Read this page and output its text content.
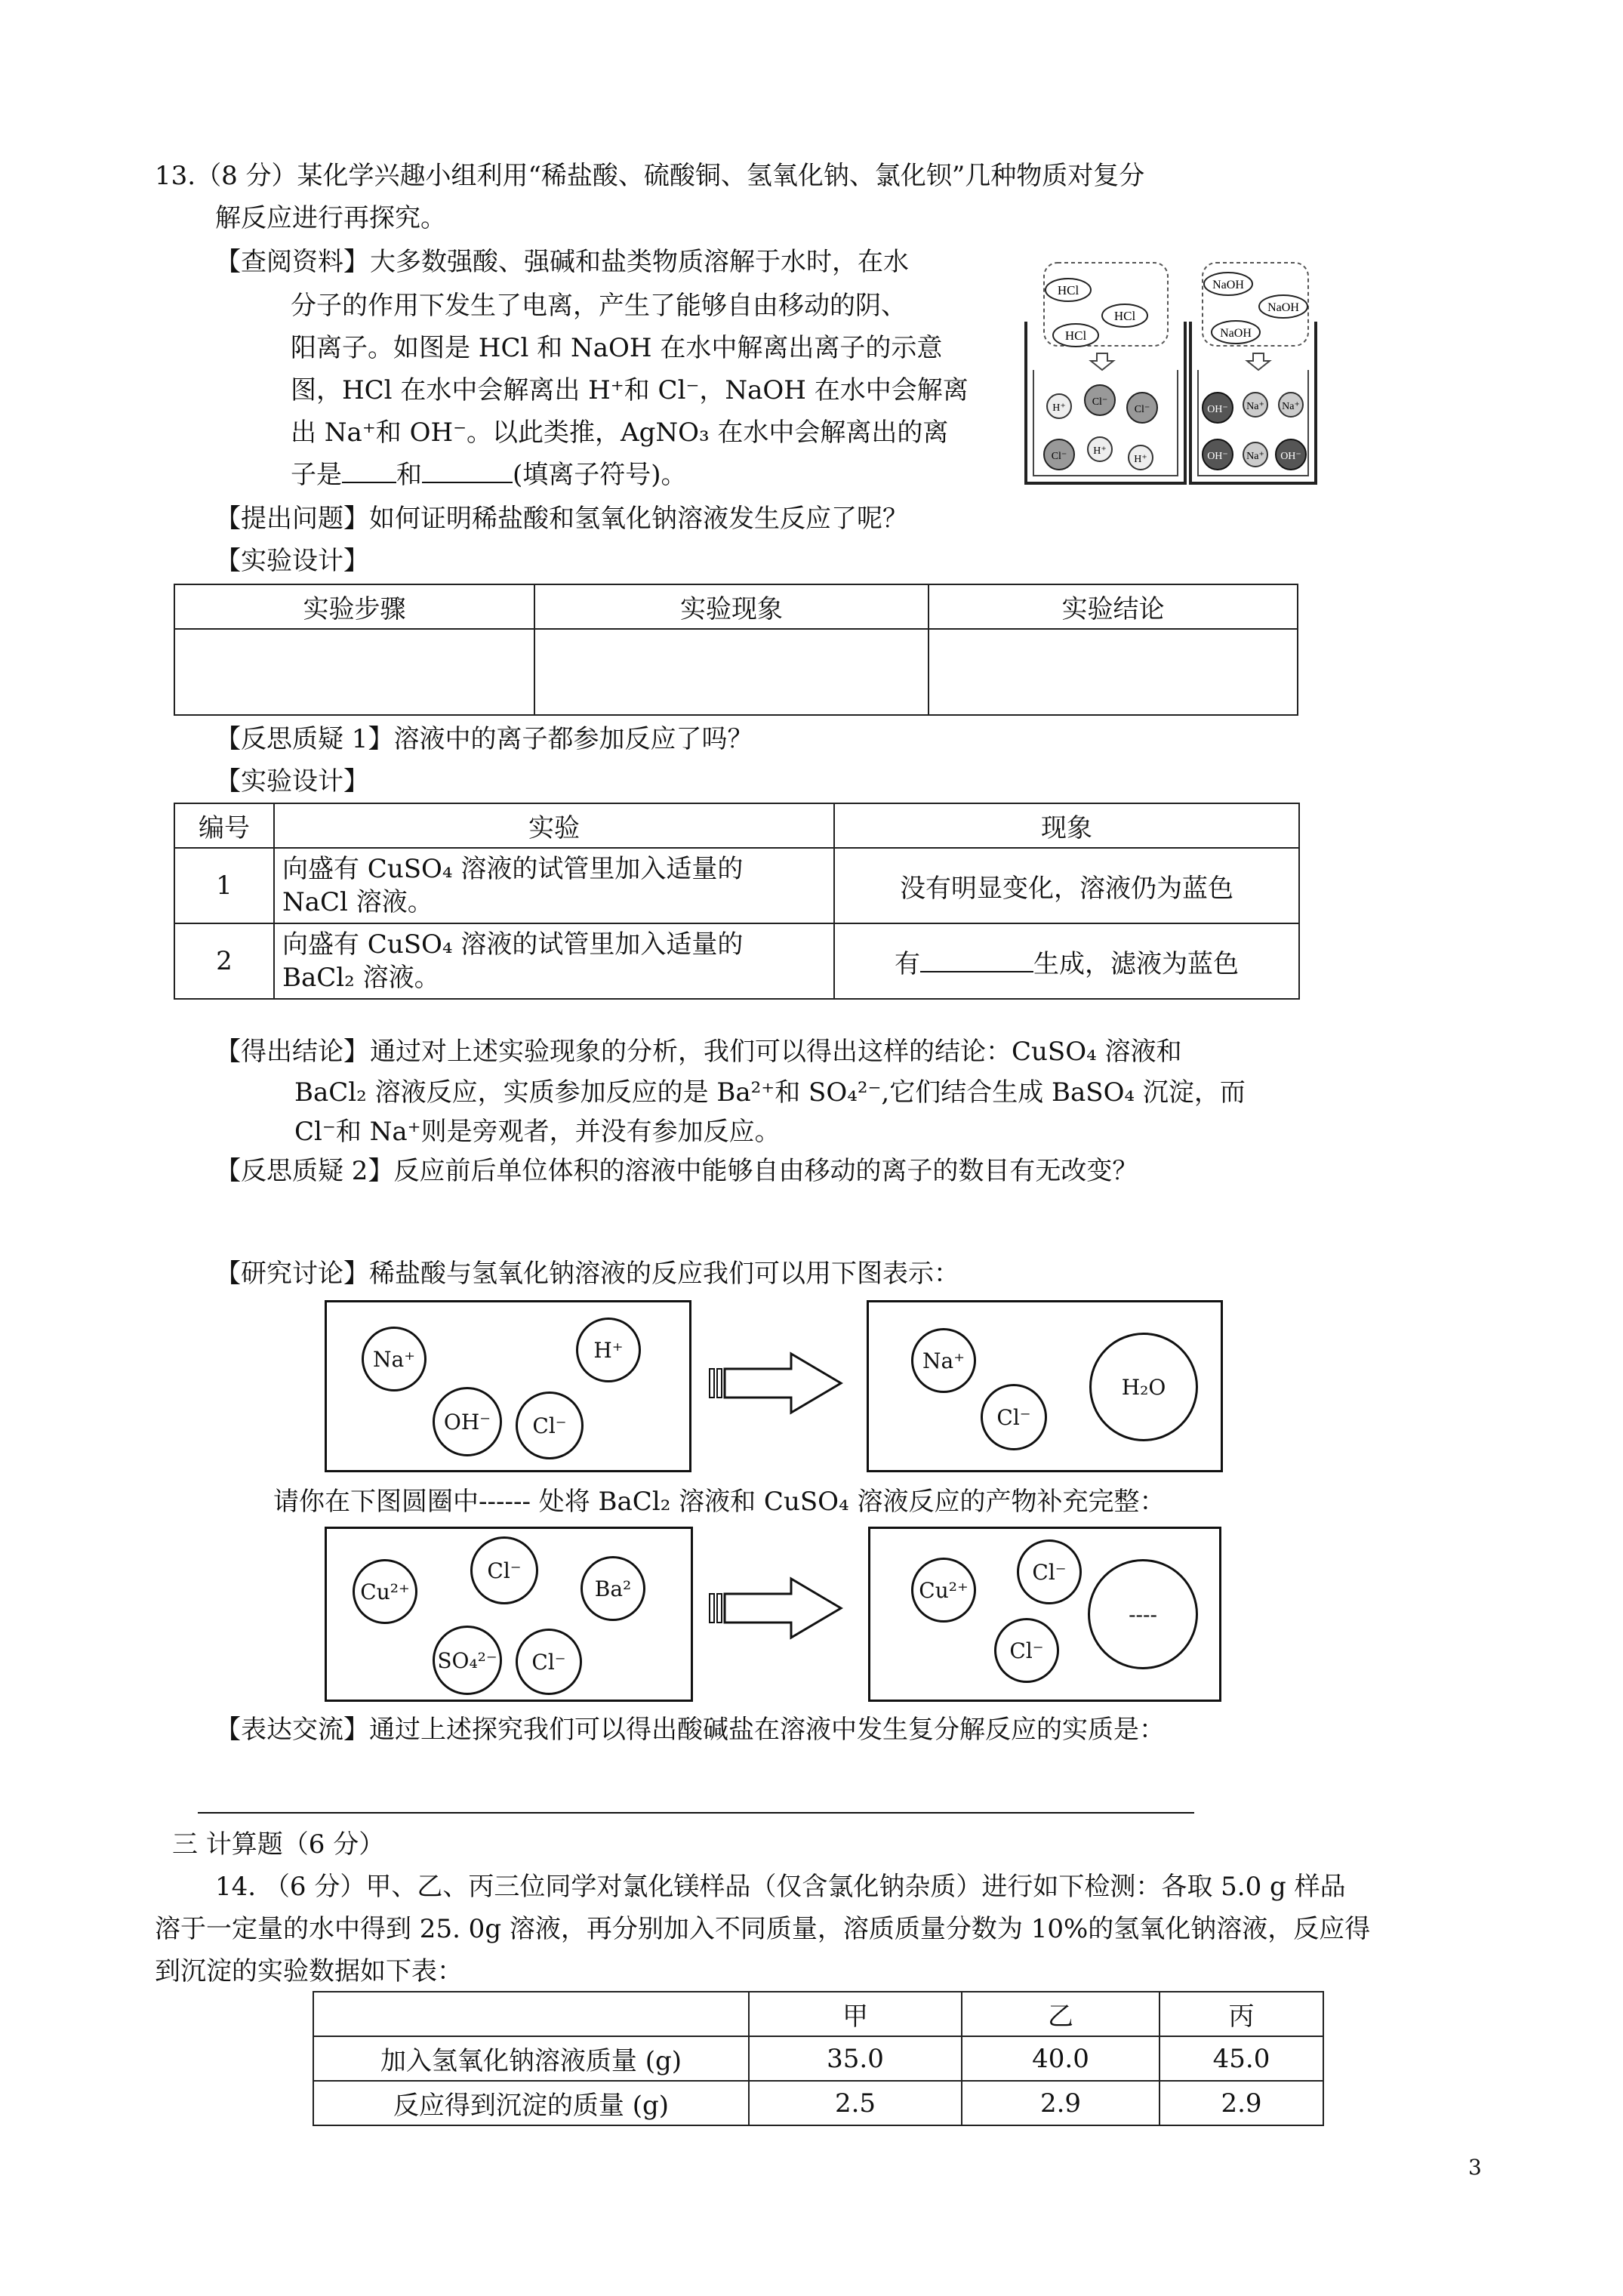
13.（8 分）某化学兴趣小组利用“稀盐酸、硫酸铜、氢氧化钠、氯化钡”几种物质对复分
解反应进行再探究。
【查阅资料】 大多数强酸、强碱和盐类物质溶解于水时，在水
分子的作用下发生了电离，产生了能够自由移动的阴、
阳离子。如图是 HCl 和 NaOH 在水中解离出离子的示意
图，HCl 在水中会解离出 H⁺和 Cl⁻，NaOH 在水中会解离
出 Na⁺和 OH⁻。以此类推，AgNO₃ 在水中会解离出的离
子是 和	(填离子符号)。
HCl
HCl
HCl
H⁺
Cl⁻
Cl⁻
Cl⁻ H⁺
H⁺
NaOH
NaOH
NaOH
OH⁻ Na⁺ Na⁺
OH⁻ Na⁺ OH⁻
【提出问题】如何证明稀盐酸和氢氧化钠溶液发生反应了呢？
【实验设计】
实验步骤	实验现象	实验结论

【反思质疑 1】溶液中的离子都参加反应了吗？
【实验设计】
编号	实验	现象
1	向盛有 CuSO₄ 溶液的试管里加入适量的
NaCl 溶液。	没有明显变化，溶液仍为蓝色
2	向盛有 CuSO₄ 溶液的试管里加入适量的
BaCl₂ 溶液。	有 生成，滤液为蓝色
【得出结论】 通过对上述实验现象的分析，我们可以得出这样的结论：CuSO₄ 溶液和
BaCl₂ 溶液反应，实质参加反应的是 Ba²⁺和 SO₄²⁻,它们结合生成 BaSO₄ 沉淀，而
Cl⁻和 Na⁺则是旁观者，并没有参加反应。
【反思质疑 2】反应前后单位体积的溶液中能够自由移动的离子的数目有无改变？
【研究讨论】稀盐酸与氢氧化钠溶液的反应我们可以用下图表示：
Na⁺	H⁺
OH⁻	Cl⁻
Na⁺
Cl⁻
H₂O
请你在下图圆圈中------ 处将 BaCl₂ 溶液和 CuSO₄ 溶液反应的产物补充完整：
Cu²⁺
Cl⁻
Ba²
SO₄²⁻	Cl⁻
Cu²⁺
Cl⁻
Cl⁻
----
【表达交流】通过上述探究我们可以得出酸碱盐在溶液中发生复分解反应的实质是：
三 计算题（6 分）
14. （6 分）甲、乙、丙三位同学对氯化镁样品（仅含氯化钠杂质）进行如下检测：各取 5.0 g 样品
溶于一定量的水中得到 25. 0g 溶液，再分别加入不同质量，溶质质量分数为 10%的氢氧化钠溶液，反应得
到沉淀的实验数据如下表：
	甲	乙	丙
加入氢氧化钠溶液质量 (g)	35.0	40.0	45.0
反应得到沉淀的质量 (g)	2.5	2.9	2.9
3
